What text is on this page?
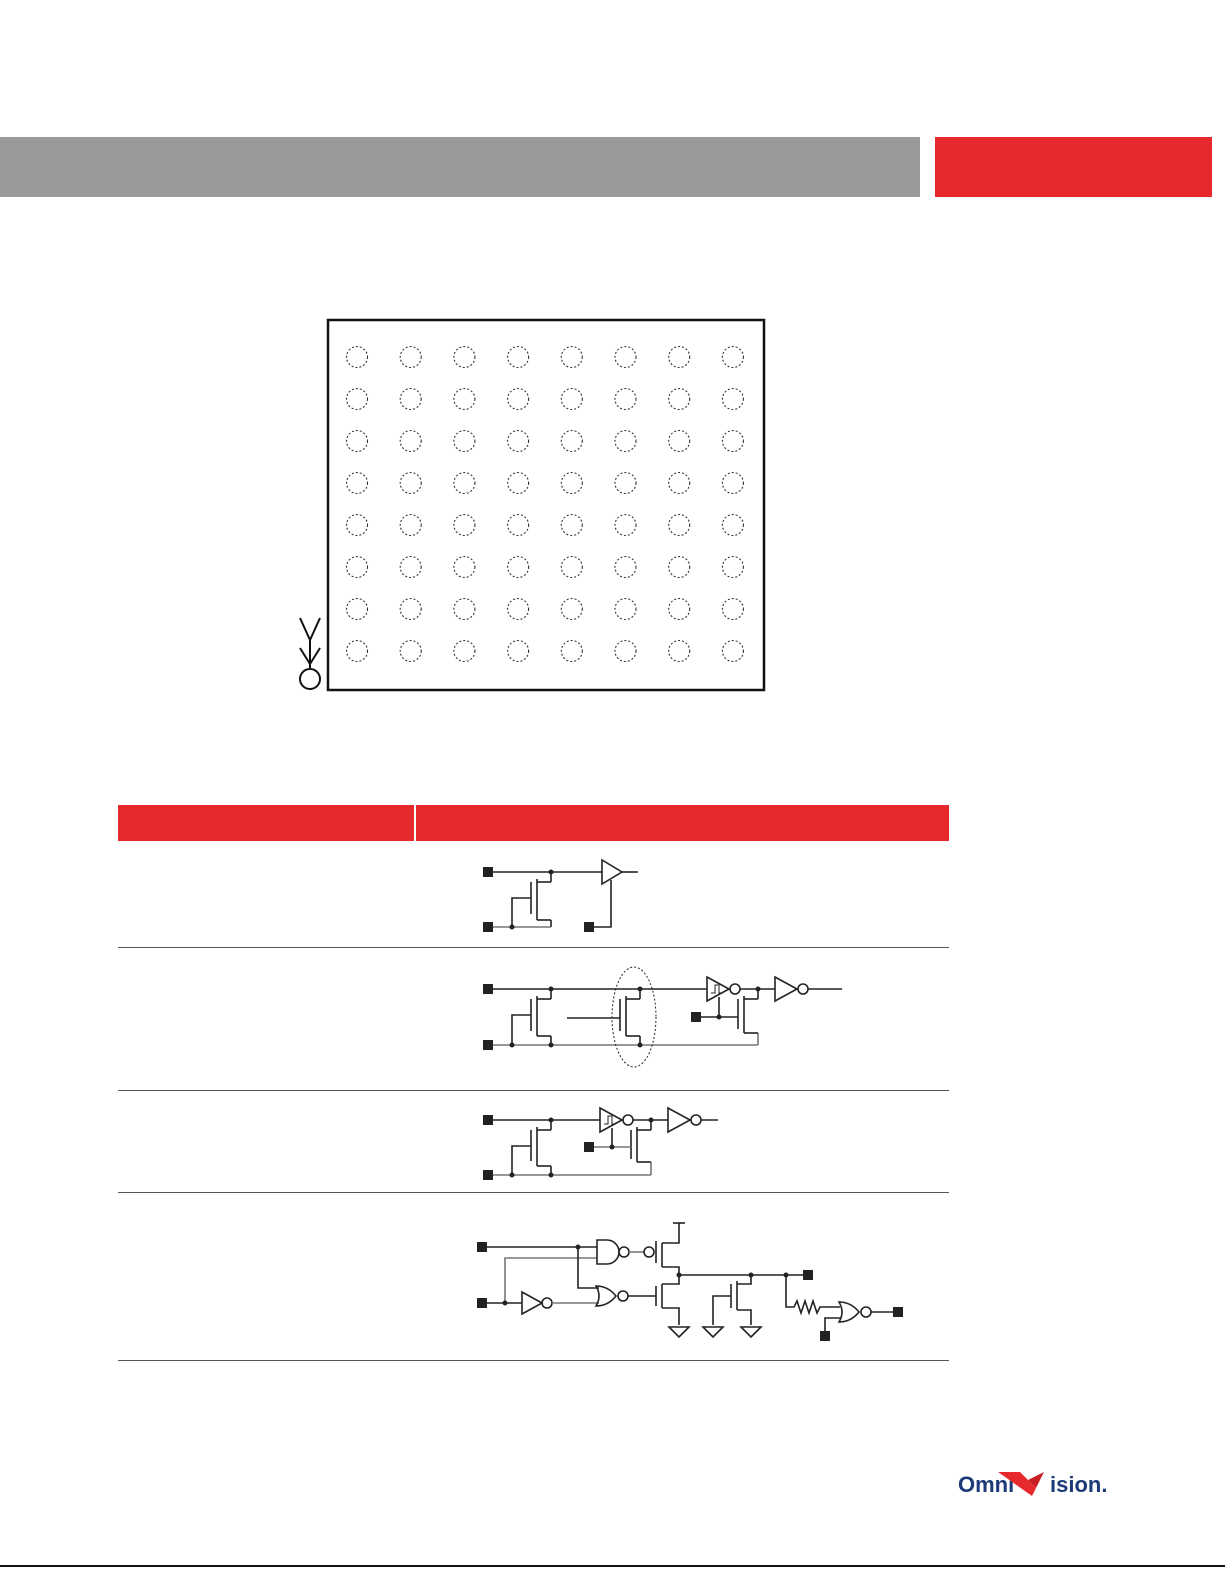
Omni ision.
